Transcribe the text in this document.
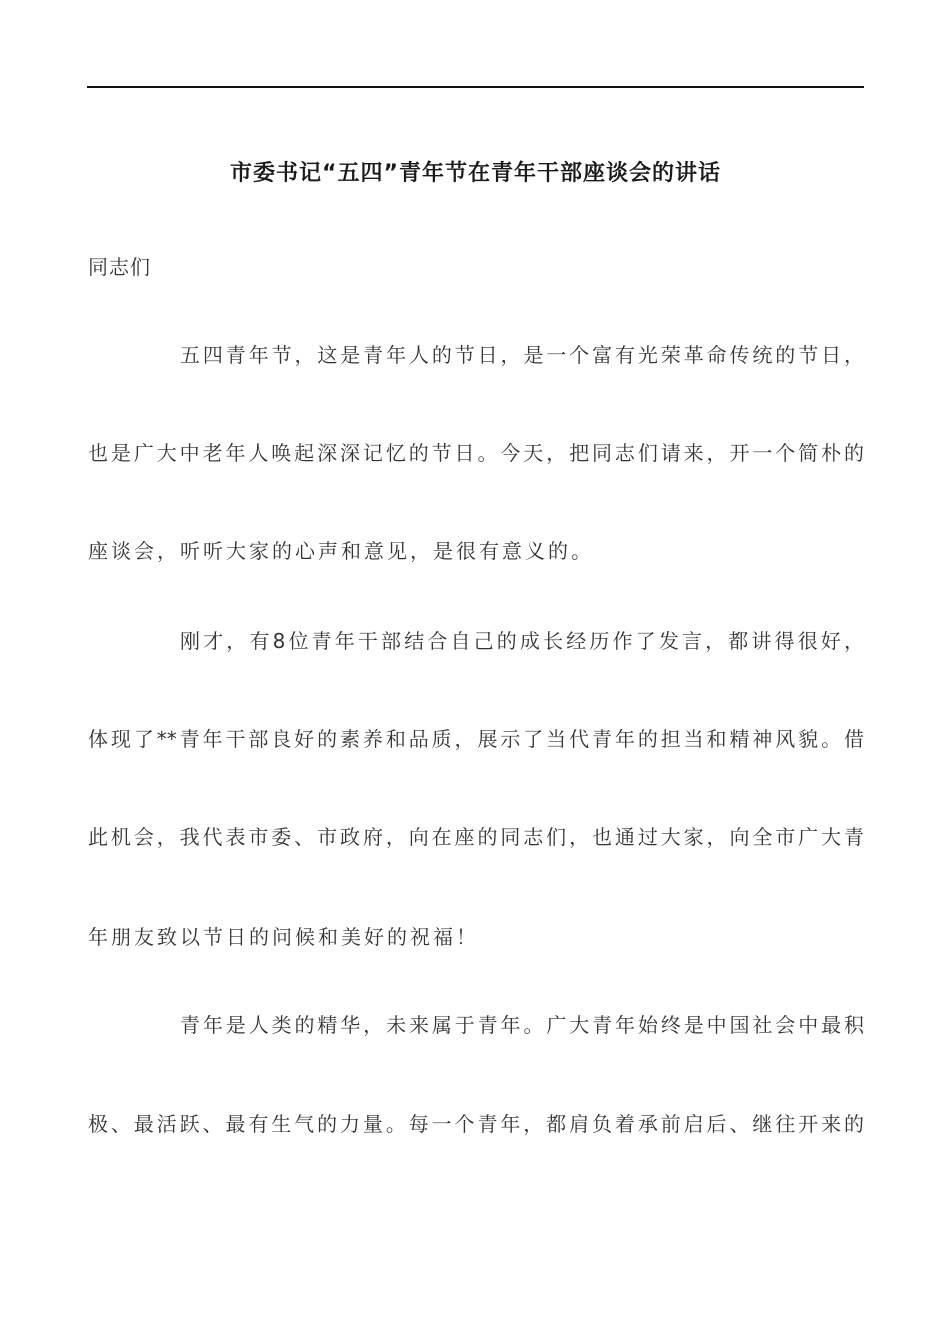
市委书记“五四”青年节在青年干部座谈会的讲话
同志们
五四青年节，这是青年人的节日，是一个富有光荣革命传统的节日，
也是广大中老年人唤起深深记忆的节日。今天，把同志们请来，开一个简朴的
座谈会，听听大家的心声和意见，是很有意义的。
刚才，有8位青年干部结合自己的成长经历作了发言，都讲得很好，
体现了**青年干部良好的素养和品质，展示了当代青年的担当和精神风貌。借
此机会，我代表市委、市政府，向在座的同志们，也通过大家，向全市广大青
年朋友致以节日的问候和美好的祝福！
青年是人类的精华，未来属于青年。广大青年始终是中国社会中最积
极、最活跃、最有生气的力量。每一个青年，都肩负着承前启后、继往开来的
